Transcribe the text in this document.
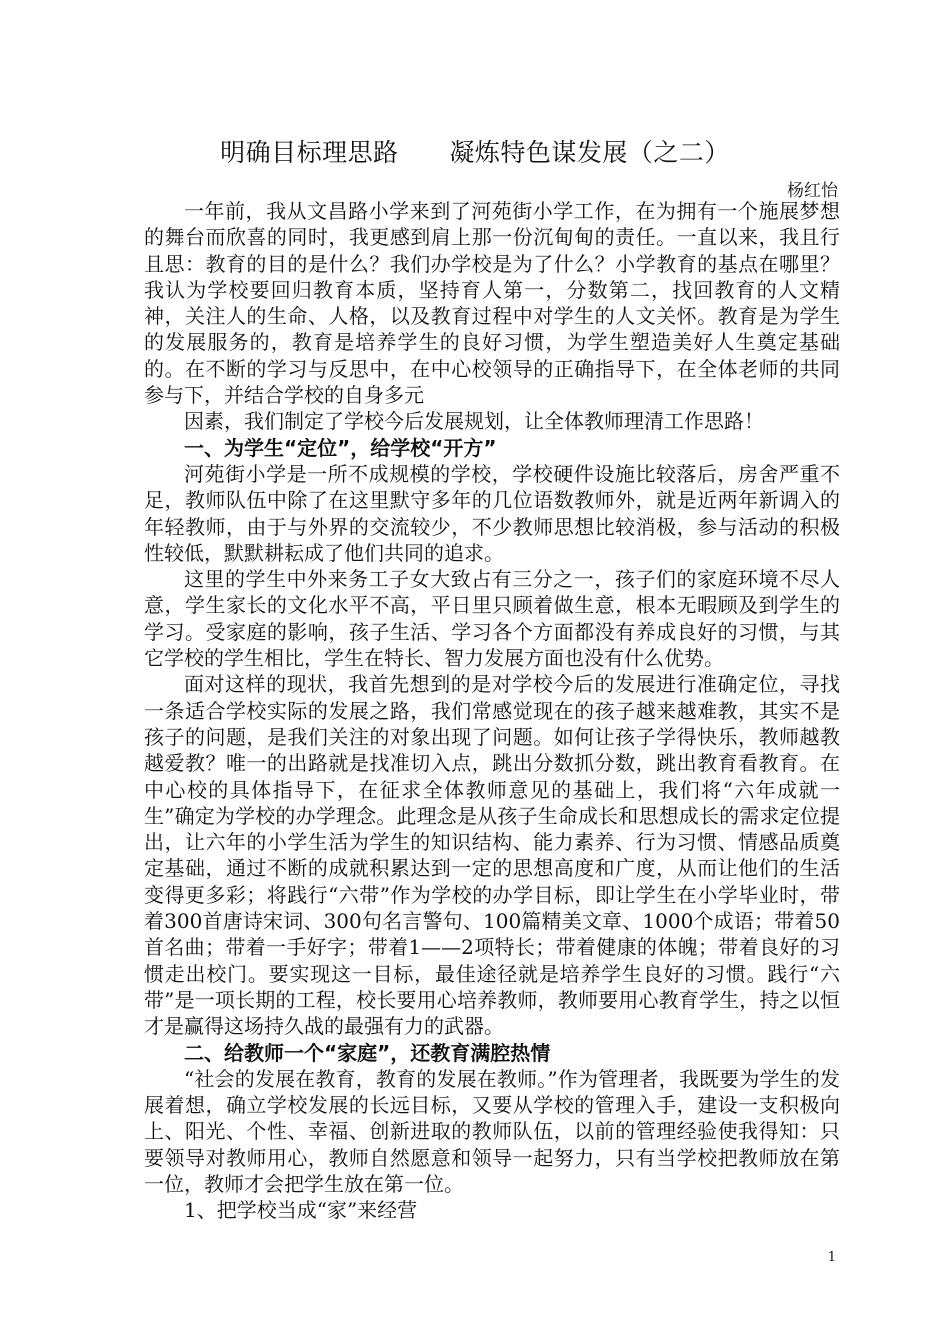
明确目标理思路      凝炼特色谋发展（之二）
杨红怡

一年前，我从文昌路小学来到了河苑街小学工作，在为拥有一个施展梦想的舞台而欣喜的同时，我更感到肩上那一份沉甸甸的责任。一直以来，我且行且思：教育的目的是什么？我们办学校是为了什么？小学教育的基点在哪里？我认为学校要回归教育本质，坚持育人第一，分数第二，找回教育的人文精神，关注人的生命、人格，以及教育过程中对学生的人文关怀。教育是为学生的发展服务的，教育是培养学生的良好习惯，为学生塑造美好人生奠定基础的。在不断的学习与反思中，在中心校领导的正确指导下，在全体老师的共同参与下，并结合学校的自身多元

因素，我们制定了学校今后发展规划，让全体教师理清工作思路！

一、为学生“定位”，给学校“开方”

河苑街小学是一所不成规模的学校，学校硬件设施比较落后，房舍严重不足，教师队伍中除了在这里默守多年的几位语数教师外，就是近两年新调入的年轻教师，由于与外界的交流较少，不少教师思想比较消极，参与活动的积极性较低，默默耕耘成了他们共同的追求。

这里的学生中外来务工子女大致占有三分之一，孩子们的家庭环境不尽人意，学生家长的文化水平不高，平日里只顾着做生意，根本无暇顾及到学生的学习。受家庭的影响，孩子生活、学习各个方面都没有养成良好的习惯，与其它学校的学生相比，学生在特长、智力发展方面也没有什么优势。

面对这样的现状，我首先想到的是对学校今后的发展进行准确定位，寻找一条适合学校实际的发展之路，我们常感觉现在的孩子越来越难教，其实不是孩子的问题，是我们关注的对象出现了问题。如何让孩子学得快乐，教师越教越爱教？唯一的出路就是找准切入点，跳出分数抓分数，跳出教育看教育。在中心校的具体指导下，在征求全体教师意见的基础上，我们将“六年成就一生”确定为学校的办学理念。此理念是从孩子生命成长和思想成长的需求定位提出，让六年的小学生活为学生的知识结构、能力素养、行为习惯、情感品质奠定基础，通过不断的成就积累达到一定的思想高度和广度，从而让他们的生活变得更多彩；将践行“六带”作为学校的办学目标，即让学生在小学毕业时，带着300首唐诗宋词、300句名言警句、100篇精美文章、1000个成语；带着50首名曲；带着一手好字；带着1——2项特长；带着健康的体魄；带着良好的习惯走出校门。要实现这一目标，最佳途径就是培养学生良好的习惯。践行“六带”是一项长期的工程，校长要用心培养教师，教师要用心教育学生，持之以恒才是赢得这场持久战的最强有力的武器。

二、给教师一个“家庭”，还教育满腔热情

“社会的发展在教育，教育的发展在教师。”作为管理者，我既要为学生的发展着想，确立学校发展的长远目标，又要从学校的管理入手，建设一支积极向上、阳光、个性、幸福、创新进取的教师队伍，以前的管理经验使我得知：只要领导对教师用心，教师自然愿意和领导一起努力，只有当学校把教师放在第一位，教师才会把学生放在第一位。

1、把学校当成“家”来经营

1
